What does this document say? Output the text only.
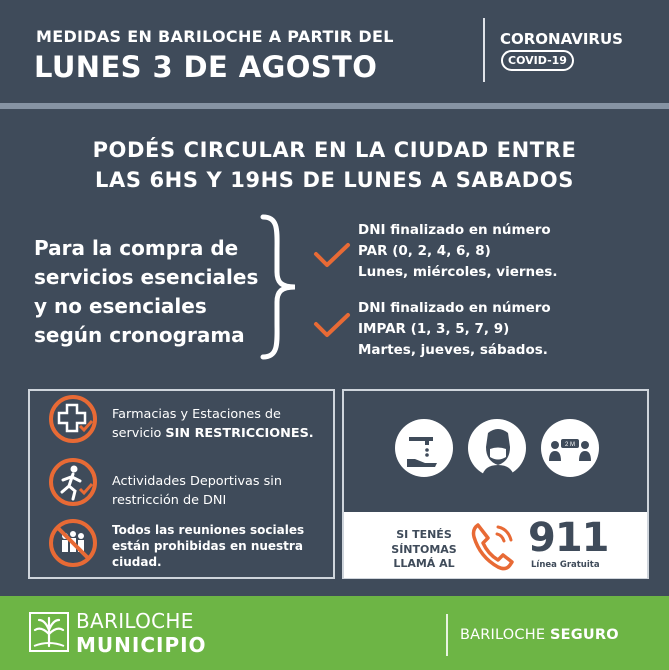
MEDIDAS EN BARILOCHE A PARTIR DEL
LUNES 3 DE AGOSTO
CORONAVIRUS
COVID-19
PODÉS CIRCULAR EN LA CIUDAD ENTRE
LAS 6HS Y 19HS DE LUNES A SABADOS
Para la compra de
servicios esenciales
y no esenciales
según cronograma
DNI finalizado en número
PAR (0, 2, 4, 6, 8)
Lunes, miércoles, viernes.
DNI finalizado en número
IMPAR (1, 3, 5, 7, 9)
Martes, jueves, sábados.
Farmacias y Estaciones de
servicio SIN RESTRICCIONES.
Actividades Deportivas sin
restricción de DNI
Todos las reuniones sociales
están prohibidas en nuestra
ciudad.
2 M
SI TENÉS
SÍNTOMAS
LLAMÁ AL
911
Línea Gratuita
BARILOCHE
MUNICIPIO	BARILOCHE SEGURO
